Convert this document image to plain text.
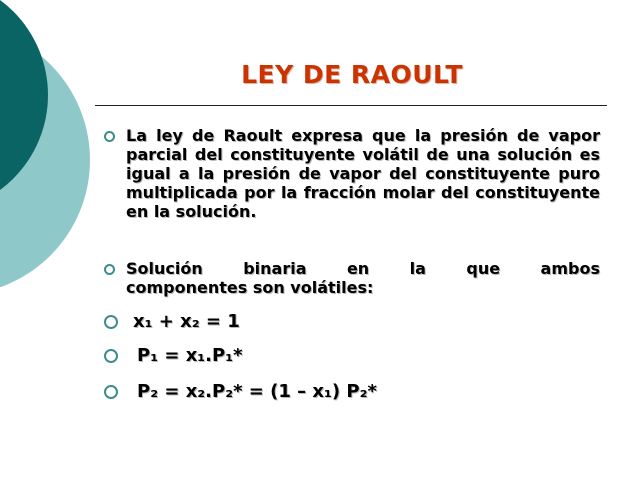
LEY DE RAOULT
La ley de Raoult expresa que la presión de vapor parcial del constituyente volátil de una solución es igual a la presión de vapor del constituyente puro multiplicada por la fracción molar del constituyente en la solución.
Solución	binaria	en	la	que	ambos
componentes son volátiles:
x₁ + x₂ = 1
P₁ = x₁.P₁*
P₂ = x₂.P₂* = (1 – x₁) P₂*
